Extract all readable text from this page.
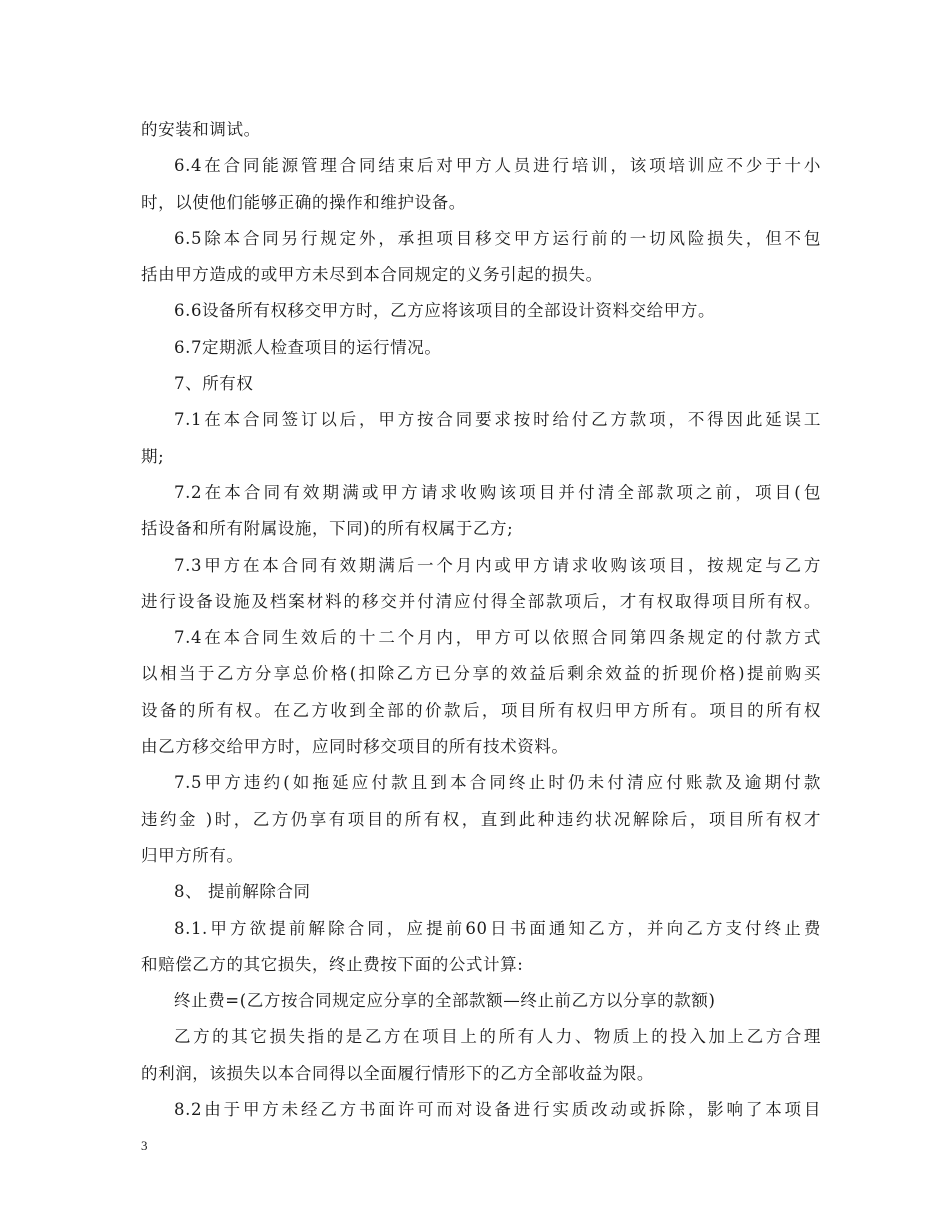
的安装和调试。
6.4在合同能源管理合同结束后对甲方人员进行培训，该项培训应不少于十小
时，以使他们能够正确的操作和维护设备。
6.5除本合同另行规定外，承担项目移交甲方运行前的一切风险损失，但不包
括由甲方造成的或甲方未尽到本合同规定的义务引起的损失。
6.6设备所有权移交甲方时，乙方应将该项目的全部设计资料交给甲方。
6.7定期派人检查项目的运行情况。
7、所有权
7.1在本合同签订以后，甲方按合同要求按时给付乙方款项，不得因此延误工
期;
7.2在本合同有效期满或甲方请求收购该项目并付清全部款项之前，项目(包
括设备和所有附属设施，下同)的所有权属于乙方;
7.3甲方在本合同有效期满后一个月内或甲方请求收购该项目，按规定与乙方
进行设备设施及档案材料的移交并付清应付得全部款项后，才有权取得项目所有权。
7.4在本合同生效后的十二个月内，甲方可以依照合同第四条规定的付款方式
以相当于乙方分享总价格(扣除乙方已分享的效益后剩余效益的折现价格)提前购买
设备的所有权。在乙方收到全部的价款后，项目所有权归甲方所有。项目的所有权
由乙方移交给甲方时，应同时移交项目的所有技术资料。
7.5甲方违约(如拖延应付款且到本合同终止时仍未付清应付账款及逾期付款
违约金 )时，乙方仍享有项目的所有权，直到此种违约状况解除后，项目所有权才
归甲方所有。
8、 提前解除合同
8.1.甲方欲提前解除合同，应提前60日书面通知乙方，并向乙方支付终止费
和赔偿乙方的其它损失，终止费按下面的公式计算:
终止费=(乙方按合同规定应分享的全部款额—终止前乙方以分享的款额)
乙方的其它损失指的是乙方在项目上的所有人力、物质上的投入加上乙方合理
的利润，该损失以本合同得以全面履行情形下的乙方全部收益为限。
8.2由于甲方未经乙方书面许可而对设备进行实质改动或拆除，影响了本项目
3
